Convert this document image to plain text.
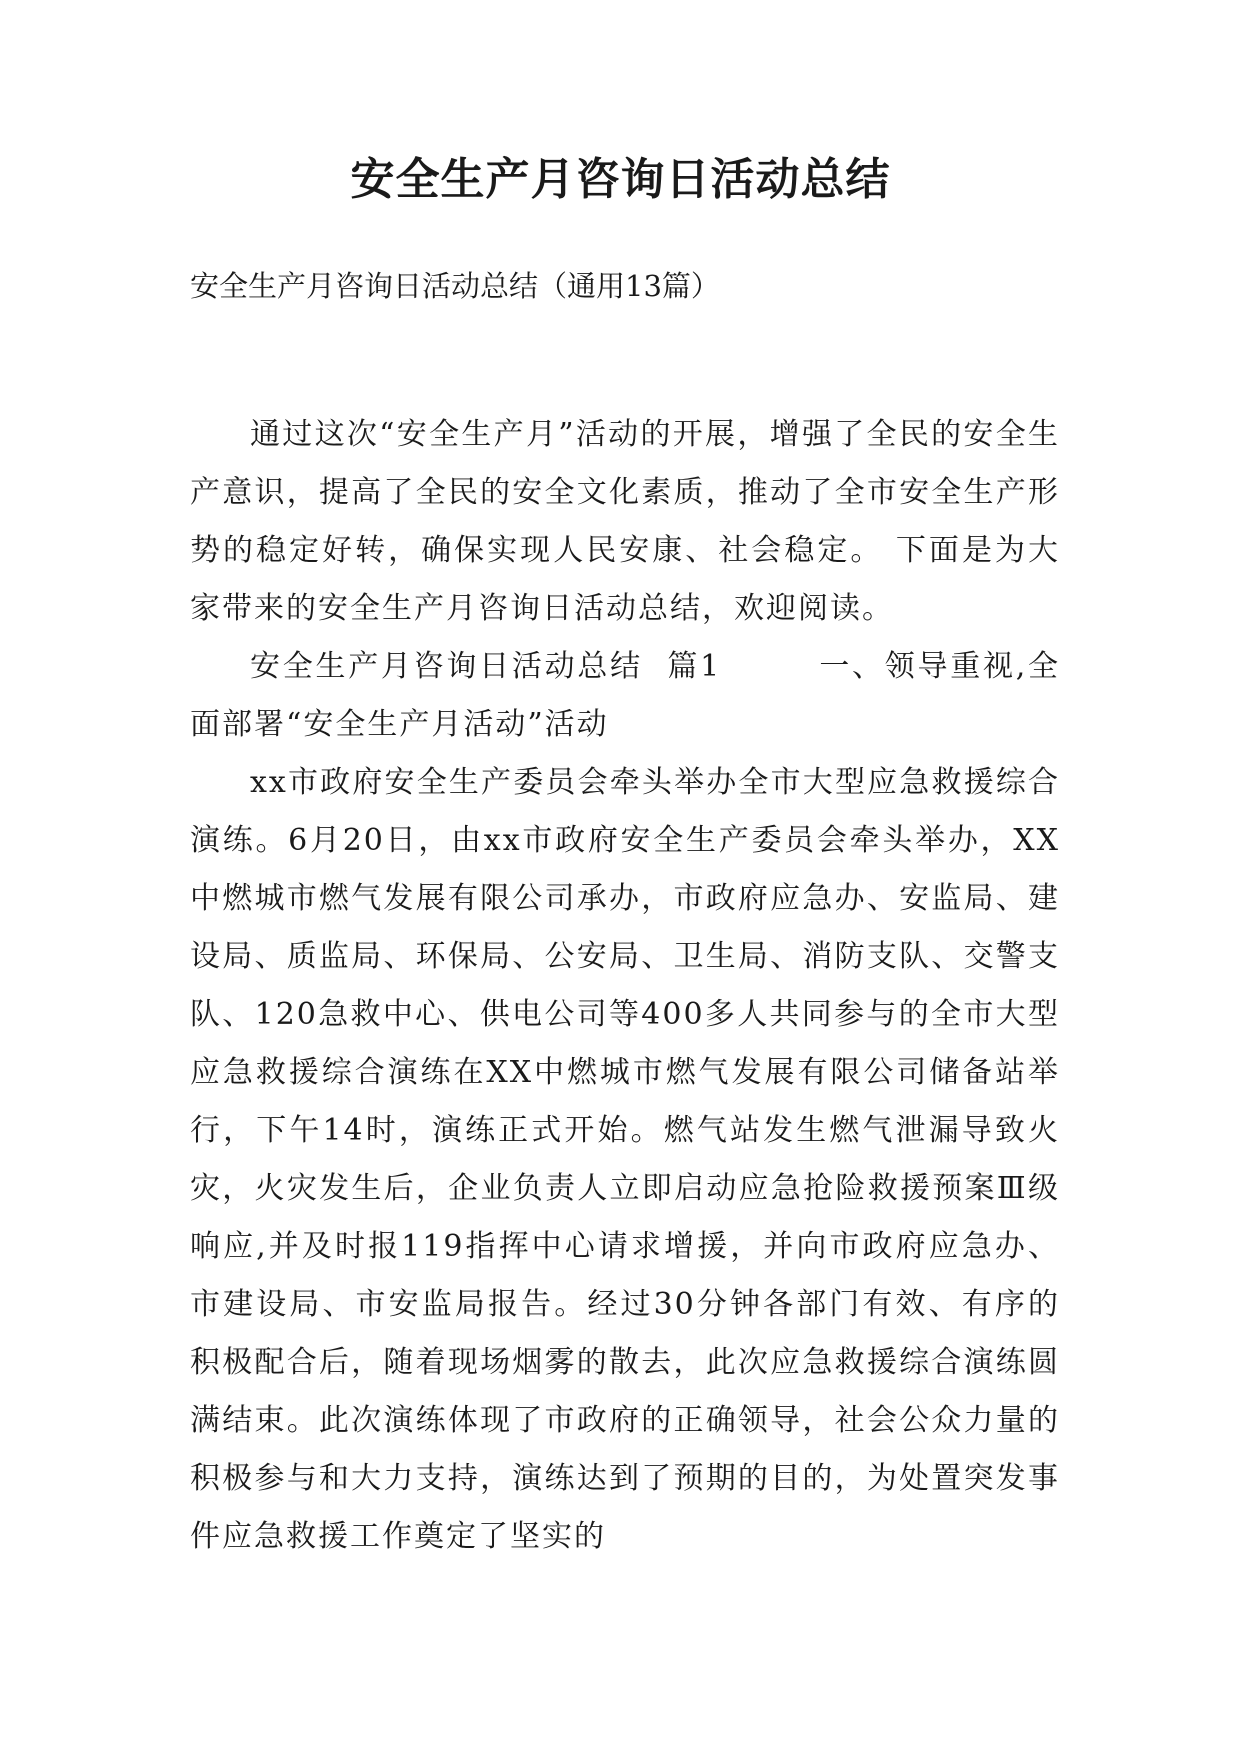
安全生产月咨询日活动总结

安全生产月咨询日活动总结（通用13篇）

通过这次“安全生产月”活动的开展，增强了全民的安全生产意识，提高了全民的安全文化素质，推动了全市安全生产形势的稳定好转，确保实现人民安康、社会稳定。 下面是为大家带来的安全生产月咨询日活动总结，欢迎阅读。

安全生产月咨询日活动总结  篇1        一、领导重视,全面部署“安全生产月活动”活动

xx市政府安全生产委员会牵头举办全市大型应急救援综合演练。6月20日，由xx市政府安全生产委员会牵头举办，XX中燃城市燃气发展有限公司承办，市政府应急办、安监局、建设局、质监局、环保局、公安局、卫生局、消防支队、交警支队、120急救中心、供电公司等400多人共同参与的全市大型应急救援综合演练在XX中燃城市燃气发展有限公司储备站举行，下午14时，演练正式开始。燃气站发生燃气泄漏导致火灾，火灾发生后，企业负责人立即启动应急抢险救援预案Ⅲ级响应,并及时报119指挥中心请求增援，并向市政府应急办、市建设局、市安监局报告。经过30分钟各部门有效、有序的积极配合后，随着现场烟雾的散去，此次应急救援综合演练圆满结束。此次演练体现了市政府的正确领导，社会公众力量的积极参与和大力支持，演练达到了预期的目的，为处置突发事件应急救援工作奠定了坚实的
